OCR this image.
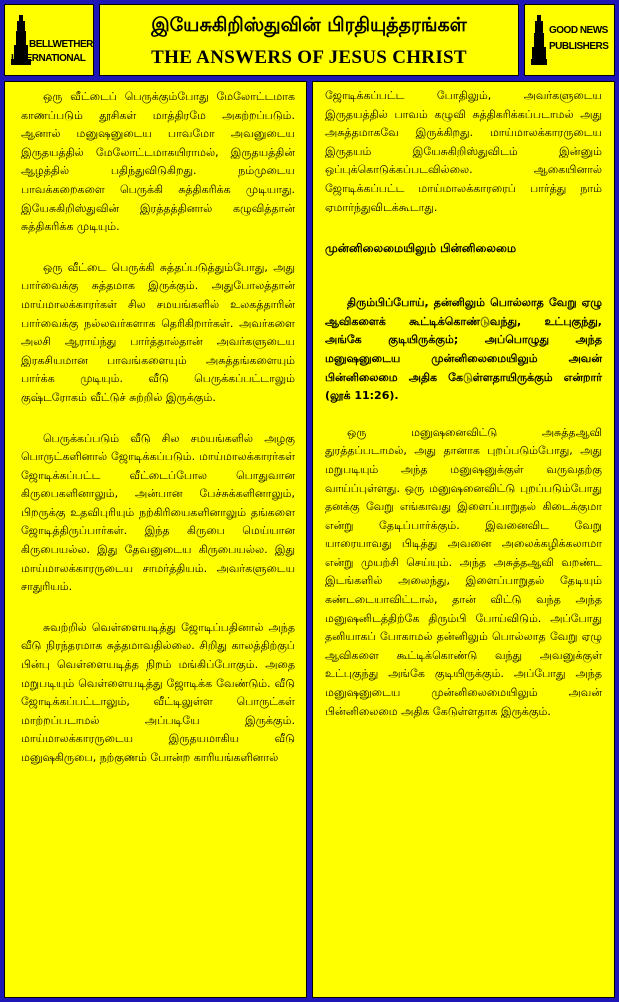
BELLWETHER
INTERNATIONAL
இயேசுகிறிஸ்துவின் பிரதியுத்தரங்கள்
THE ANSWERS OF JESUS CHRIST
GOOD NEWS
PUBLISHERS

ஒரு வீட்டைப் பெருக்கும்போது மேலோட்டமாக காணப்படும் தூசிகள் மாத்திரமே அகற்றப்படும். ஆனால் மனுஷனுடைய பாவமோ அவனுடைய இருதயத்தில் மேலோட்டமாகயிராமல், இருதயத்தின் ஆழத்தில் பதிந்துவிடுகிறது. நம்முடைய பாவக்கறைகளை பெருக்கி சுத்திகரிக்க முடியாது. இயேசுகிறிஸ்துவின் இரத்தத்தினால் கழுவித்தான் சுத்திகரிக்க முடியும்.

ஒரு வீட்டை பெருக்கி சுத்தப்படுத்தும்போது, அது பார்வைக்கு சுத்தமாக இருக்கும். அதுபோலத்தான் மாய்மாலக்காரர்கள் சில சமயங்களில் உலகத்தாரின் பார்வைக்கு நல்லவர்களாக தெரிகிறார்கள். அவர்களை அலசி ஆராய்ந்து பார்த்தால்தான் அவர்களுடைய இரகசியமான பாவங்களையும் அசுத்தங்களையும் பார்க்க முடியும். வீடு பெருக்கப்பட்டாலும் குஷ்டரோகம் வீட்டுச் சுற்றில் இருக்கும்.

பெருக்கப்படும் வீடு சில சமயங்களில் அழகு பொருட்களினால் ஜோடிக்கப்படும். மாய்மாலக்காரர்கள் ஜோடிக்கப்பட்ட வீட்டைப்போல பொதுவான கிருபைகளினாலும், அன்பான பேச்சுக்களினாலும், பிறருக்கு உதவிபுரியும் நற்கிரியைகளினாலும் தங்களை ஜோடித்திருப்பார்கள். இந்த கிருபை மெய்யான கிருபையல்ல. இது தேவனுடைய கிருபையல்ல. இது மாய்மாலக்காரருடைய சாமர்த்தியம். அவர்களுடைய சாதுரியம்.

சுவற்றில் வெள்ளையடித்து ஜோடிப்பதினால் அந்த வீடு நிரந்தரமாக சுத்தமாவதில்லை. சிறிது காலத்திற்குப் பின்பு வெள்ளையடித்த நிறம் மங்கிப்போகும். அதை மறுபடியும் வெள்ளையடித்து ஜோடிக்க வேண்டும். வீடு ஜோடிக்கப்பட்டாலும், வீட்டிலுள்ள பொருட்கள் மாற்றப்படாமல் அப்படியே இருக்கும். மாய்மாலக்காரருடைய இருதயமாகிய வீடு மனுஷகிருபை, நற்குணம் போன்ற காரியங்களினால்

ஜோடிக்கப்பட்ட போதிலும், அவர்களுடைய இருதயத்தில் பாவம் கழுவி சுத்திகரிக்கப்படாமல் அது அசுத்தமாகவே இருக்கிறது. மாய்மாலக்காரருடைய இருதயம் இயேசுகிறிஸ்துவிடம் இன்னும் ஒப்புக்கொடுக்கப்படவில்லை. ஆகையினால் ஜோடிக்கப்பட்ட மாய்மாலக்காரரைப் பார்த்து நாம் ஏமார்ந்துவிடக்கூடாது.

முன்னிலைமையிலும் பின்னிலைமை

திரும்பிப்போய், தன்னிலும் பொல்லாத வேறு ஏழு ஆவிகளைக் கூட்டிக்கொண்டுவந்து, உட்புகுந்து, அங்கே குடியிருக்கும்; அப்பொழுது அந்த மனுஷனுடைய முன்னிலைமையிலும் அவன் பின்னிலைமை அதிக கேடுள்ளதாயிருக்கும் என்றார் (லூக் 11:26).

ஒரு மனுஷனைவிட்டு அசுத்தஆவி துரத்தப்படாமல், அது தானாக புறப்படும்போது, அது மறுபடியும் அந்த மனுஷனுக்குள் வருவதற்கு வாய்ப்புள்ளது. ஒரு மனுஷனைவிட்டு புறப்படும்போது தனக்கு வேறு எங்காவது இளைப்பாறுதல் கிடைக்குமா என்று தேடிப்பார்க்கும். இவனைவிட வேறு யாரையாவது பிடித்து அவனை அலைக்கழிக்கலாமா என்று முயற்சி செய்யும். அந்த அசுத்தஆவி வறண்ட இடங்களில் அலைந்து, இளைப்பாறுதல் தேடியும் கண்டடையாவிட்டால், தான் விட்டு வந்த அந்த மனுஷனிடத்திற்கே திரும்பி போய்விடும். அப்போது தனியாகப் போகாமல் தன்னிலும் பொல்லாத வேறு ஏழு ஆவிகளை கூட்டிக்கொண்டு வந்து அவனுக்குள் உட்புகுந்து அங்கே குடியிருக்கும். அப்போது அந்த மனுஷனுடைய முன்னிலைமையிலும் அவன் பின்னிலைமை அதிக கேடுள்ளதாக இருக்கும்.
